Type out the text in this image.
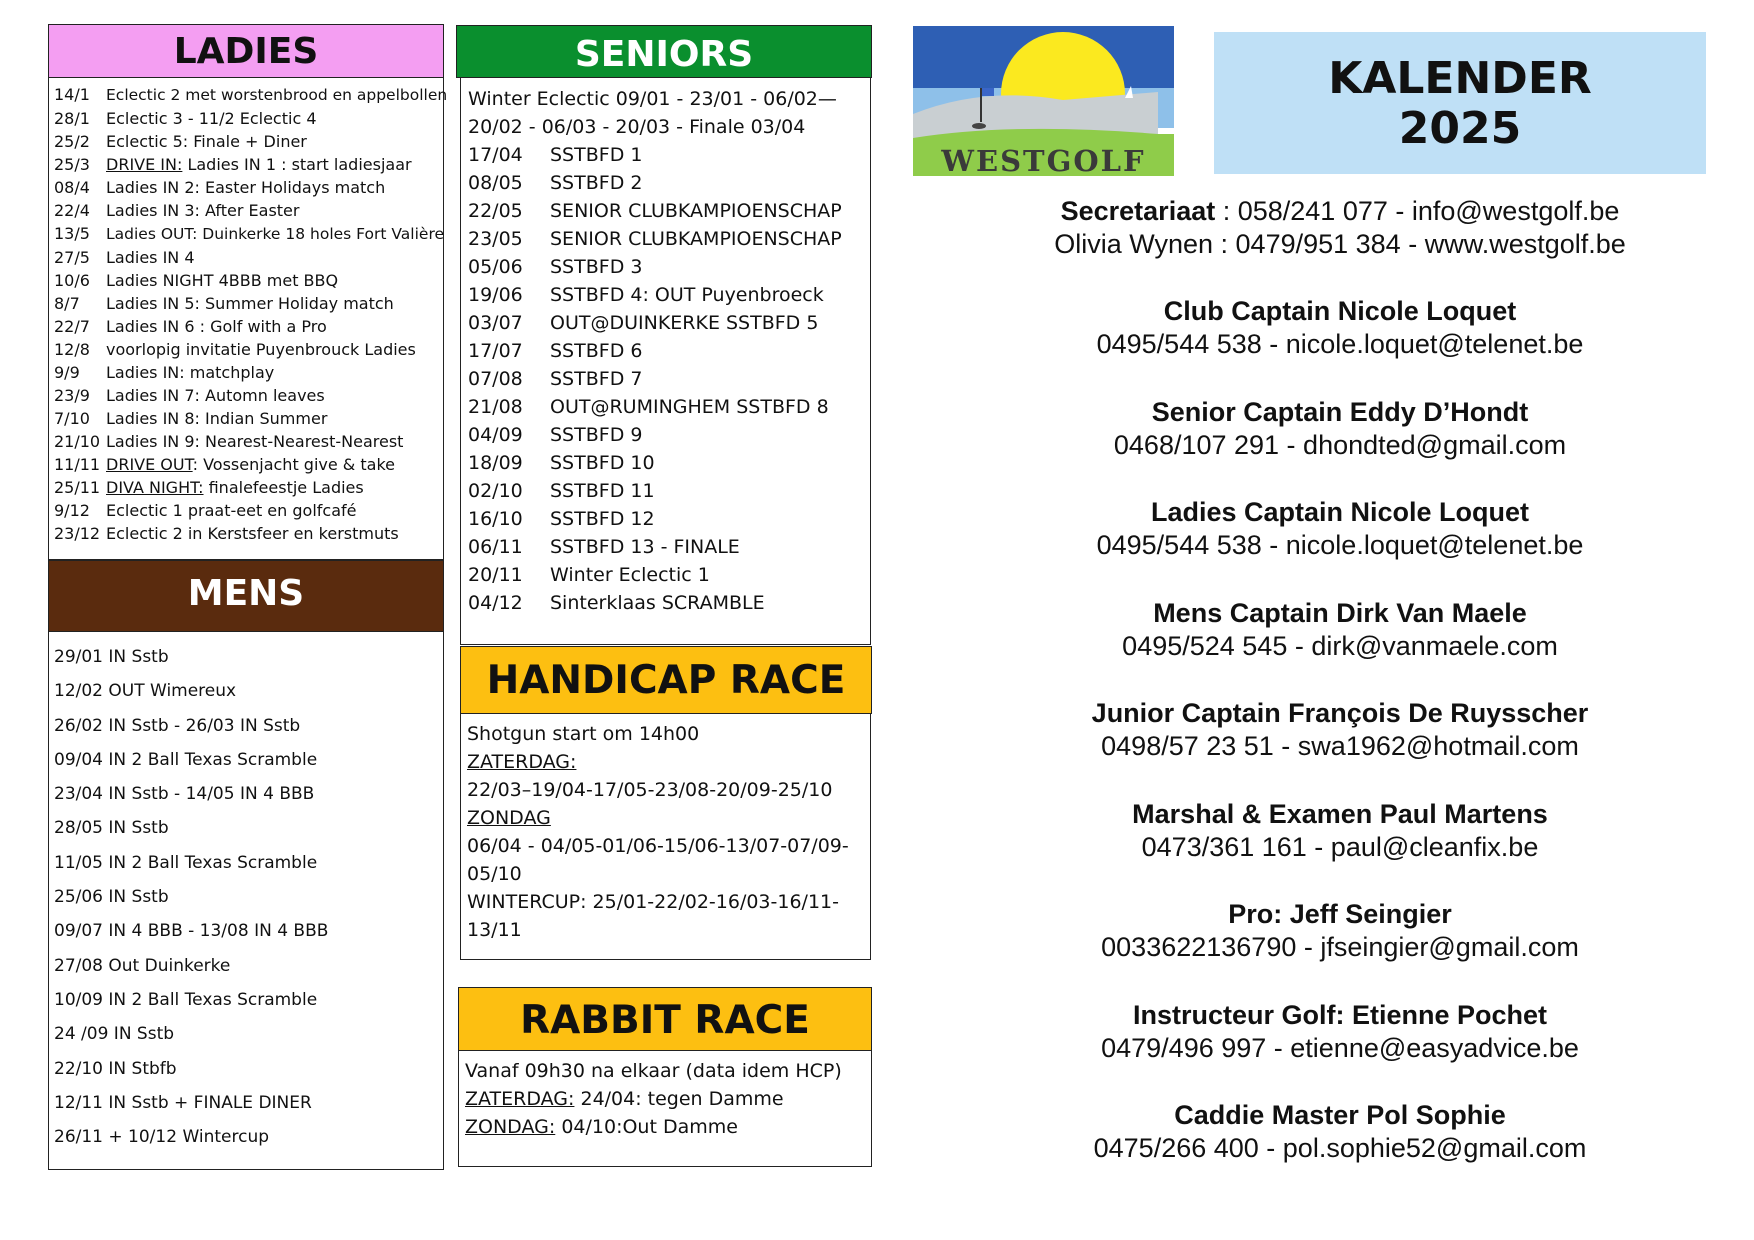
LADIES
14/1 Eclectic 2 met worstenbrood en appelbollen
28/1 Eclectic 3 - 11/2 Eclectic 4
25/2 Eclectic 5: Finale + Diner
25/3 DRIVE IN: Ladies IN 1 : start ladiesjaar
08/4 Ladies IN 2: Easter Holidays match
22/4 Ladies IN 3: After Easter
13/5 Ladies OUT: Duinkerke 18 holes Fort Valière
27/5 Ladies IN 4
10/6 Ladies NIGHT 4BBB met BBQ
8/7 Ladies IN 5: Summer Holiday match
22/7 Ladies IN 6 : Golf with a Pro
12/8 voorlopig invitatie Puyenbrouck Ladies
9/9 Ladies IN: matchplay
23/9 Ladies IN 7: Automn leaves
7/10 Ladies IN 8: Indian Summer
21/10 Ladies IN 9: Nearest-Nearest-Nearest
11/11 DRIVE OUT: Vossenjacht give & take
25/11 DIVA NIGHT: finalefeestje Ladies
9/12 Eclectic 1 praat-eet en golfcafé
23/12 Eclectic 2 in Kerstsfeer en kerstmuts
MENS
29/01 IN Sstb
12/02 OUT Wimereux
26/02 IN Sstb - 26/03 IN Sstb
09/04 IN 2 Ball Texas Scramble
23/04 IN Sstb - 14/05 IN 4 BBB
28/05 IN Sstb
11/05 IN 2 Ball Texas Scramble
25/06 IN Sstb
09/07 IN 4 BBB - 13/08 IN 4 BBB
27/08 Out Duinkerke
10/09 IN 2 Ball Texas Scramble
24 /09 IN Sstb
22/10 IN Stbfb
12/11 IN Sstb + FINALE DINER
26/11 + 10/12 Wintercup
SENIORS
Winter Eclectic 09/01 - 23/01 - 06/02—
20/02 - 06/03 - 20/03 - Finale 03/04
17/04 SSTBFD 1
08/05 SSTBFD 2
22/05 SENIOR CLUBKAMPIOENSCHAP
23/05 SENIOR CLUBKAMPIOENSCHAP
05/06 SSTBFD 3
19/06 SSTBFD 4: OUT Puyenbroeck
03/07 OUT@DUINKERKE SSTBFD 5
17/07 SSTBFD 6
07/08 SSTBFD 7
21/08 OUT@RUMINGHEM SSTBFD 8
04/09 SSTBFD 9
18/09 SSTBFD 10
02/10 SSTBFD 11
16/10 SSTBFD 12
06/11 SSTBFD 13 - FINALE
20/11 Winter Eclectic 1
04/12 Sinterklaas SCRAMBLE
HANDICAP RACE
Shotgun start om 14h00
ZATERDAG:
22/03–19/04-17/05-23/08-20/09-25/10
ZONDAG
06/04 - 04/05-01/06-15/06-13/07-07/09-
05/10
WINTERCUP: 25/01-22/02-16/03-16/11-
13/11
RABBIT RACE
Vanaf 09h30 na elkaar (data idem HCP)
ZATERDAG: 24/04: tegen Damme
ZONDAG: 04/10:Out Damme
WESTGOLF
KALENDER
2025
Secretariaat : 058/241 077 - info@westgolf.be
Olivia Wynen : 0479/951 384 - www.westgolf.be
Club Captain Nicole Loquet
0495/544 538 - nicole.loquet@telenet.be
Senior Captain Eddy D’Hondt
0468/107 291 - dhondted@gmail.com
Ladies Captain Nicole Loquet
0495/544 538 - nicole.loquet@telenet.be
Mens Captain Dirk Van Maele
0495/524 545 - dirk@vanmaele.com
Junior Captain François De Ruysscher
0498/57 23 51 - swa1962@hotmail.com
Marshal & Examen Paul Martens
0473/361 161 - paul@cleanfix.be
Pro: Jeff Seingier
0033622136790 - jfseingier@gmail.com
Instructeur Golf: Etienne Pochet
0479/496 997 - etienne@easyadvice.be
Caddie Master Pol Sophie
0475/266 400 - pol.sophie52@gmail.com
